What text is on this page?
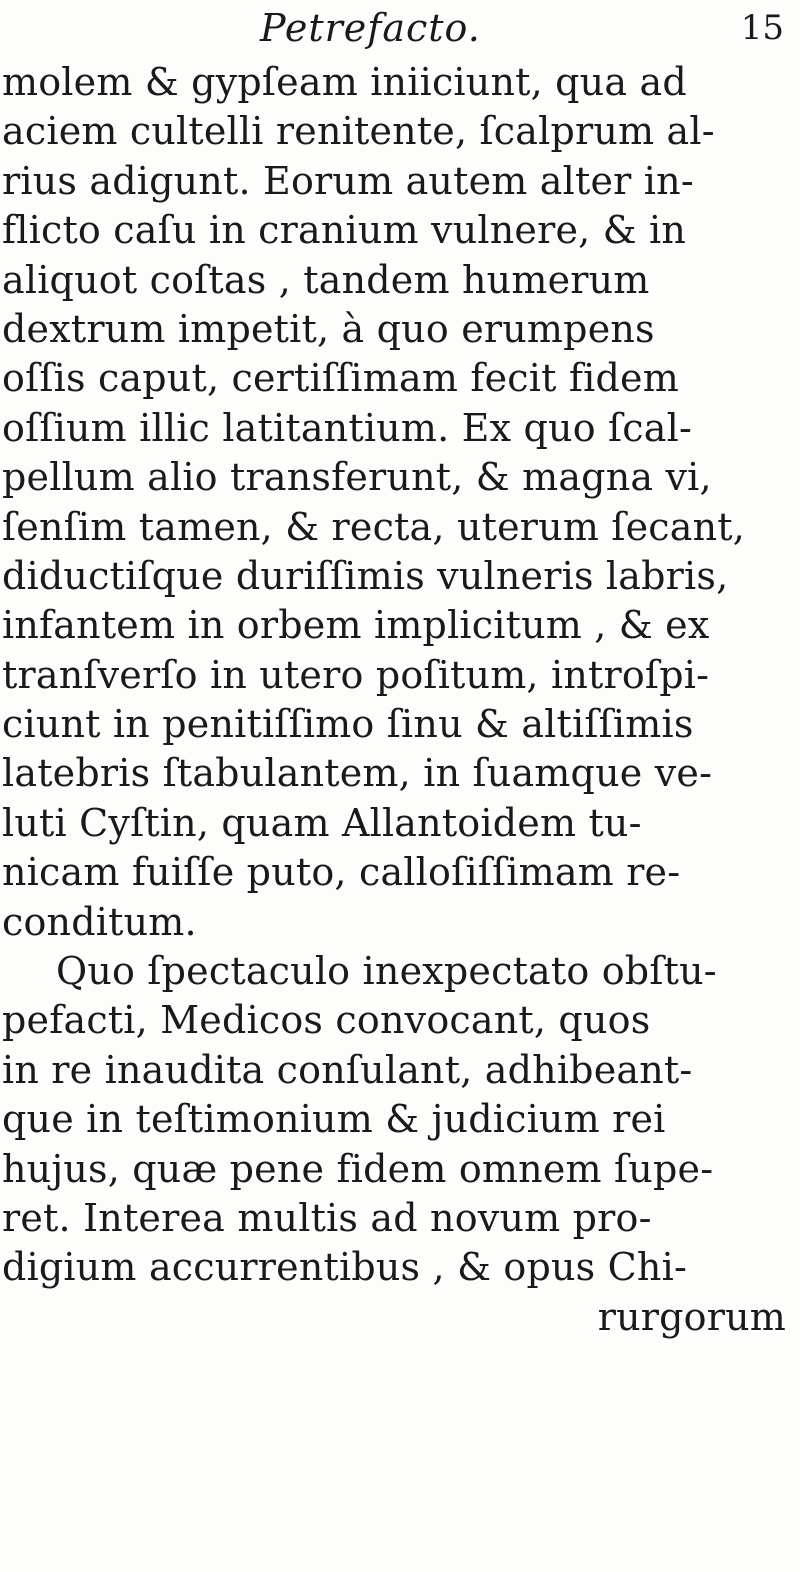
Petrefacto.	15
molem & gypſeam iniiciunt, qua ad
aciem cultelli renitente, ſcalprum al-
rius adigunt. Eorum autem alter in-
flicto caſu in cranium vulnere, & in
aliquot coſtas , tandem humerum
dextrum impetit, à quo erumpens
oſſis caput, certiſſimam fecit fidem
oſſium illic latitantium. Ex quo ſcal-
pellum alio transferunt, & magna vi,
ſenſim tamen, & recta, uterum ſecant,
diductiſque duriſſimis vulneris labris,
infantem in orbem implicitum , & ex
tranſverſo in utero poſitum, introſpi-
ciunt in penitiſſimo ſinu & altiſſimis
latebris ſtabulantem, in ſuamque ve-
luti Cyſtin, quam Allantoidem tu-
nicam fuiſſe puto, calloſiſſimam re-
conditum.
Quo ſpectaculo inexpectato obſtu-
pefacti, Medicos convocant, quos
in re inaudita conſulant, adhibeant-
que in teſtimonium & judicium rei
hujus, quæ pene fidem omnem ſupe-
ret. Interea multis ad novum pro-
digium accurrentibus , & opus Chi-
rurgorum
